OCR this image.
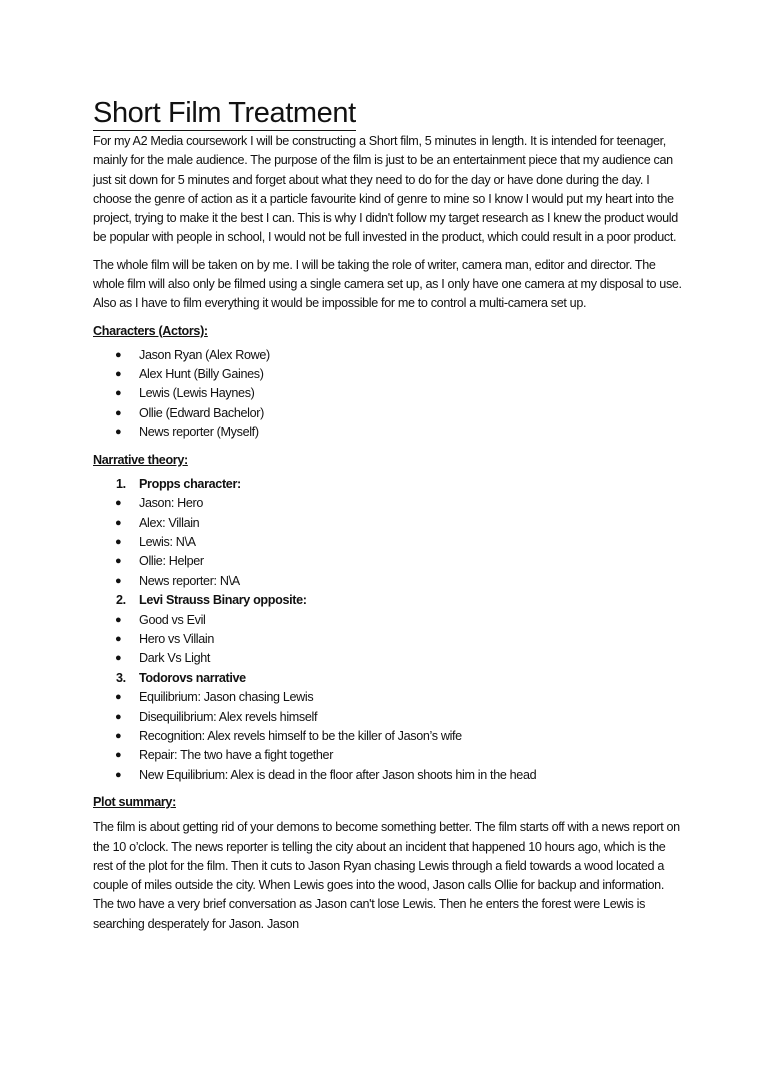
Short Film Treatment

For my A2 Media coursework I will be constructing a Short film, 5 minutes in length. It is intended for teenager, mainly for the male audience. The purpose of the film is just to be an entertainment piece that my audience can just sit down for 5 minutes and forget about what they need to do for the day or have done during the day. I choose the genre of action as it a particle favourite kind of genre to mine so I know I would put my heart into the project, trying to make it the best I can. This is why I didn't follow my target research as I knew the product would be popular with people in school, I would not be full invested in the product, which could result in a poor product.

The whole film will be taken on by me. I will be taking the role of writer, camera man, editor and director. The whole film will also only be filmed using a single camera set up, as I only have one camera at my disposal to use. Also as I have to film everything it would be impossible for me to control a multi-camera set up.

Characters (Actors):
● Jason Ryan (Alex Rowe)
● Alex Hunt (Billy Gaines)
● Lewis (Lewis Haynes)
● Ollie (Edward Bachelor)
● News reporter (Myself)
Narrative theory:
1. Propps character:
● Jason: Hero
● Alex: Villain
● Lewis: N\A
● Ollie: Helper
● News reporter: N\A
2. Levi Strauss Binary opposite:
● Good vs Evil
● Hero vs Villain
● Dark Vs Light
3. Todorovs narrative
● Equilibrium: Jason chasing Lewis
● Disequilibrium: Alex revels himself
● Recognition: Alex revels himself to be the killer of Jason’s wife
● Repair: The two have a fight together
● New Equilibrium: Alex is dead in the floor after Jason shoots him in the head
Plot summary:

The film is about getting rid of your demons to become something better. The film starts off with a news report on the 10 o’clock. The news reporter is telling the city about an incident that happened 10 hours ago, which is the rest of the plot for the film. Then it cuts to Jason Ryan chasing Lewis through a field towards a wood located a couple of miles outside the city. When Lewis goes into the wood, Jason calls Ollie for backup and information. The two have a very brief conversation as Jason can't lose Lewis. Then he enters the forest were Lewis is searching desperately for Jason. Jason
